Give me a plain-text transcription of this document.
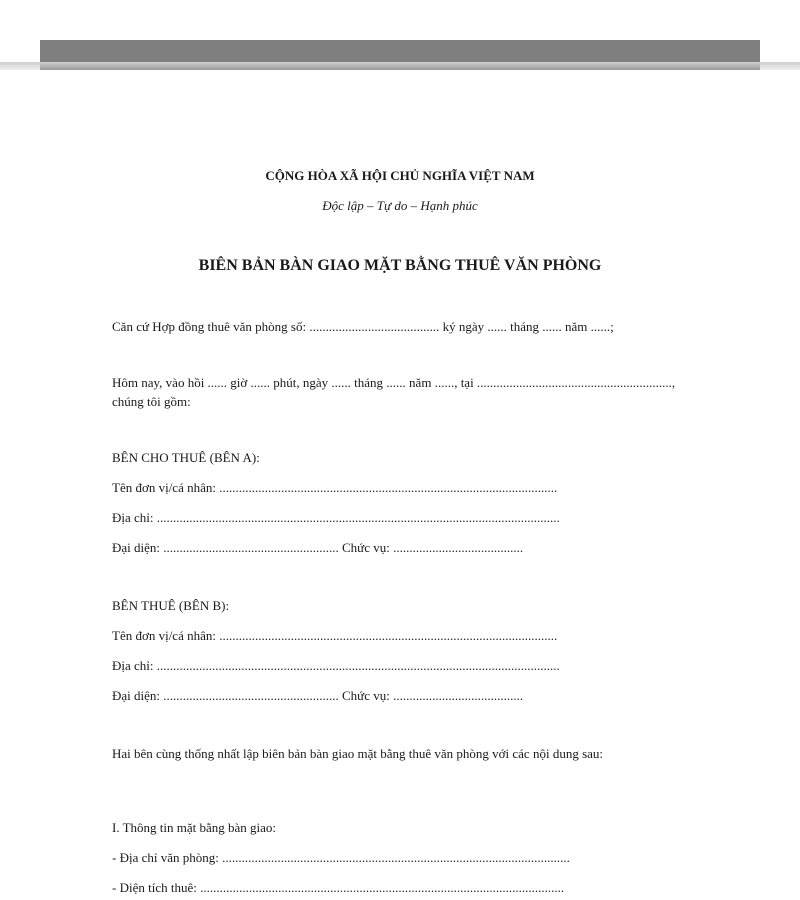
CỘNG HÒA XÃ HỘI CHỦ NGHĨA VIỆT NAM

Độc lập – Tự do – Hạnh phúc

BIÊN BẢN BÀN GIAO MẶT BẰNG THUÊ VĂN PHÒNG

Căn cứ Hợp đồng thuê văn phòng số: ........................................ ký ngày ...... tháng ...... năm ......;

Hôm nay, vào hồi ...... giờ ...... phút, ngày ...... tháng ...... năm ......, tại ............................................................,

chúng tôi gồm:

BÊN CHO THUÊ (BÊN A):

Tên đơn vị/cá nhân: ........................................................................................................

Địa chỉ: ............................................................................................................................

Đại diện: ...................................................... Chức vụ: ........................................

BÊN THUÊ (BÊN B):

Tên đơn vị/cá nhân: ........................................................................................................

Địa chỉ: ............................................................................................................................

Đại diện: ...................................................... Chức vụ: ........................................

Hai bên cùng thống nhất lập biên bản bàn giao mặt bằng thuê văn phòng với các nội dung sau:

I. Thông tin mặt bằng bàn giao:

- Địa chỉ văn phòng: ...........................................................................................................

- Diện tích thuê: ................................................................................................................
